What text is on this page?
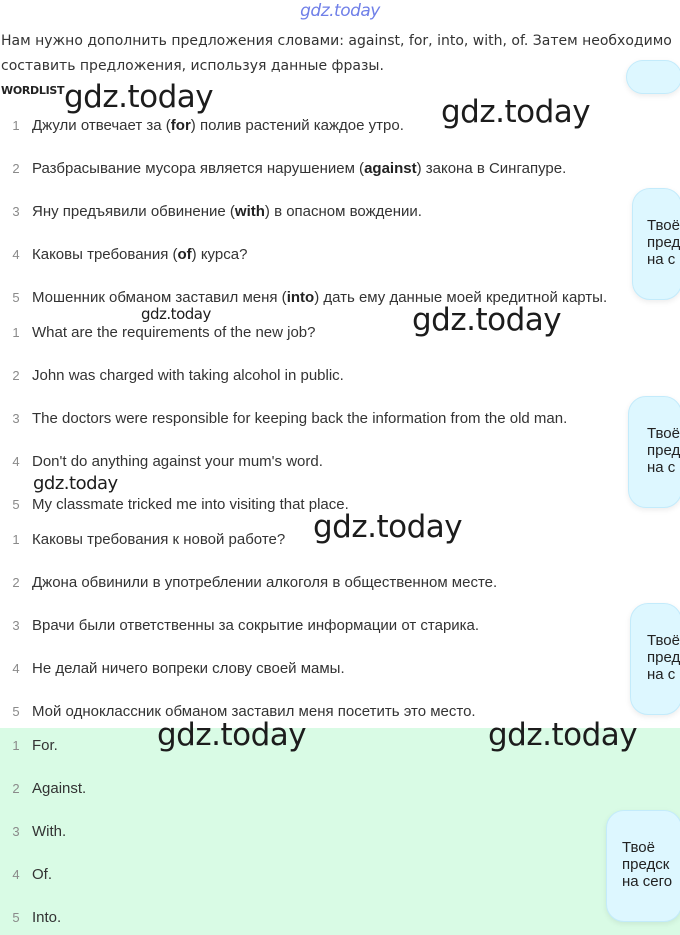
gdz.today
Нам нужно дополнить предложения словами: against, for, into, with, of. Затем необходимо составить предложения, используя данные фразы.
WORDLIST
1 Джули отвечает за (for) полив растений каждое утро.
2 Разбрасывание мусора является нарушением (against) закона в Сингапуре.
3 Яну предъявили обвинение (with) в опасном вождении.
4 Каковы требования (of) курса?
5 Мошенник обманом заставил меня (into) дать ему данные моей кредитной карты.
1 What are the requirements of the new job?
2 John was charged with taking alcohol in public.
3 The doctors were responsible for keeping back the information from the old man.
4 Don't do anything against your mum's word.
5 My classmate tricked me into visiting that place.
1 Каковы требования к новой работе?
2 Джона обвинили в употреблении алкоголя в общественном месте.
3 Врачи были ответственны за сокрытие информации от старика.
4 Не делай ничего вопреки слову своей мамы.
5 Мой одноклассник обманом заставил меня посетить это место.
1 For.
2 Against.
3 With.
4 Of.
5 Into.
Твоё
пред
на с
Твоё
пред
на с
Твоё
пред
на с
Твоё
предск
на сего
gdz.today	gdz.today
gdz.today	gdz.today
gdz.today
gdz.today
gdz.today	gdz.today
